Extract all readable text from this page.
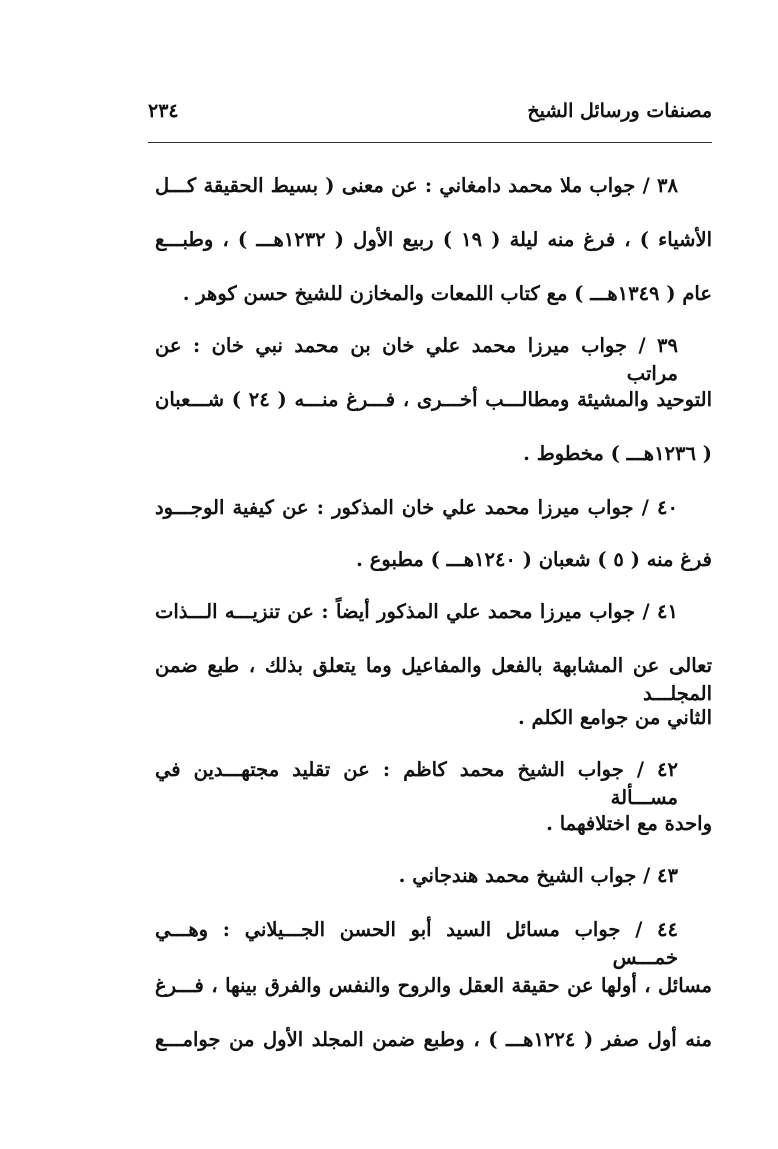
مصنفات ورسائل الشيخ
٢٣٤
٣٨ / جواب ملا محمد دامغاني : عن معنى ( بسيط الحقيقة كـــل
الأشياء ) ، فرغ منه ليلة ( ١٩ ) ربيع الأول ( ١٢٣٢هـــ ) ، وطبـــع
عام ( ١٣٤٩هـــ ) مع كتاب اللمعات والمخازن للشيخ حسن كوهر .
٣٩ / جواب ميرزا محمد علي خان بن محمد نبي خان : عن مراتب
التوحيد والمشيئة ومطالـــب أخـــرى ، فـــرغ منـــه ( ٢٤ ) شـــعبان
( ١٢٣٦هـــ ) مخطوط .
٤٠ / جواب ميرزا محمد علي خان المذكور : عن كيفية الوجـــود
فرغ منه ( ٥ ) شعبان ( ١٢٤٠هـــ ) مطبوع .
٤١ / جواب ميرزا محمد علي المذكور أيضاً : عن تنزيـــه الـــذات
تعالى عن المشابهة بالفعل والمفاعيل وما يتعلق بذلك ، طبع ضمن المجلـــد
الثاني من جوامع الكلم .
٤٢ / جواب الشيخ محمد كاظم : عن تقليد مجتهـــدين في مســـألة
واحدة مع اختلافهما .
٤٣ / جواب الشيخ محمد هندجاني .
٤٤ / جواب مسائل السيد أبو الحسن الجـــيلاني : وهـــي خمـــس
مسائل ، أولها عن حقيقة العقل والروح والنفس والفرق بينها ، فـــرغ
منه أول صفر ( ١٢٢٤هـــ ) ، وطبع ضمن المجلد الأول من جوامـــع
